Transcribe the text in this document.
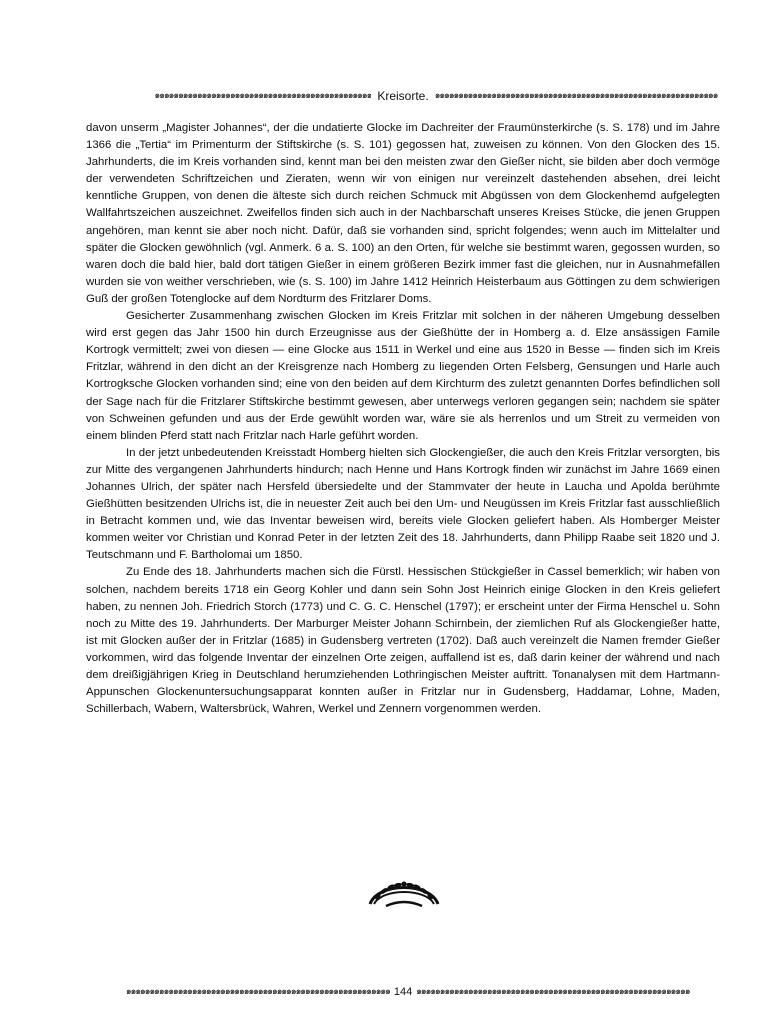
๑๑๑๑๑๑๑๑๑๑๑๑๑๑๑๑๑๑๑๑๑๑๑๑๑๑๑๑๑๑๑๑๑๑๑๑๑๑๑๑๑๑๑๑๑๑ Kreisorte. ๑๑๑๑๑๑๑๑๑๑๑๑๑๑๑๑๑๑๑๑๑๑๑๑๑๑๑๑๑๑๑๑๑๑๑๑๑๑๑๑๑๑๑๑๑๑๑๑๑๑๑๑๑๑๑๑๑๑๑๑

davon unserm „Magister Johannes“, der die undatierte Glocke im Dachreiter der Fraumünsterkirche (s. S. 178) und im Jahre 1366 die „Tertia“ im Primenturm der Stiftskirche (s. S. 101) gegossen hat, zuweisen zu können. Von den Glocken des 15. Jahrhunderts, die im Kreis vorhanden sind, kennt man bei den meisten zwar den Gießer nicht, sie bilden aber doch vermöge der verwendeten Schriftzeichen und Zieraten, wenn wir von einigen nur vereinzelt dastehenden absehen, drei leicht kenntliche Gruppen, von denen die älteste sich durch reichen Schmuck mit Abgüssen von dem Glockenhemd aufgelegten Wallfahrtszeichen auszeichnet. Zweifellos finden sich auch in der Nachbarschaft unseres Kreises Stücke, die jenen Gruppen angehören, man kennt sie aber noch nicht. Dafür, daß sie vorhanden sind, spricht folgendes; wenn auch im Mittelalter und später die Glocken gewöhnlich (vgl. Anmerk. 6 a. S. 100) an den Orten, für welche sie bestimmt waren, gegossen wurden, so waren doch die bald hier, bald dort tätigen Gießer in einem größeren Bezirk immer fast die gleichen, nur in Ausnahmefällen wurden sie von weither verschrieben, wie (s. S. 100) im Jahre 1412 Heinrich Heisterbaum aus Göttingen zu dem schwierigen Guß der großen Totenglocke auf dem Nordturm des Fritzlarer Doms.

Gesicherter Zusammenhang zwischen Glocken im Kreis Fritzlar mit solchen in der näheren Umgebung desselben wird erst gegen das Jahr 1500 hin durch Erzeugnisse aus der Gießhütte der in Homberg a. d. Elze ansässigen Famile Kortrogk vermittelt; zwei von diesen — eine Glocke aus 1511 in Werkel und eine aus 1520 in Besse — finden sich im Kreis Fritzlar, während in den dicht an der Kreisgrenze nach Homberg zu liegenden Orten Felsberg, Gensungen und Harle auch Kortrogksche Glocken vorhanden sind; eine von den beiden auf dem Kirchturm des zuletzt genannten Dorfes befindlichen soll der Sage nach für die Fritzlarer Stiftskirche bestimmt gewesen, aber unterwegs verloren gegangen sein; nachdem sie später von Schweinen gefunden und aus der Erde gewühlt worden war, wäre sie als herrenlos und um Streit zu vermeiden von einem blinden Pferd statt nach Fritzlar nach Harle geführt worden.

In der jetzt unbedeutenden Kreisstadt Homberg hielten sich Glockengießer, die auch den Kreis Fritzlar versorgten, bis zur Mitte des vergangenen Jahrhunderts hindurch; nach Henne und Hans Kortrogk finden wir zunächst im Jahre 1669 einen Johannes Ulrich, der später nach Hersfeld übersiedelte und der Stammvater der heute in Laucha und Apolda berühmte Gießhütten besitzenden Ulrichs ist, die in neuester Zeit auch bei den Um- und Neugüssen im Kreis Fritzlar fast ausschließlich in Betracht kommen und, wie das Inventar beweisen wird, bereits viele Glocken geliefert haben. Als Homberger Meister kommen weiter vor Christian und Konrad Peter in der letzten Zeit des 18. Jahrhunderts, dann Philipp Raabe seit 1820 und J. Teutschmann und F. Bartholomai um 1850.

Zu Ende des 18. Jahrhunderts machen sich die Fürstl. Hessischen Stückgießer in Cassel bemerklich; wir haben von solchen, nachdem bereits 1718 ein Georg Kohler und dann sein Sohn Jost Heinrich einige Glocken in den Kreis geliefert haben, zu nennen Joh. Friedrich Storch (1773) und C. G. C. Henschel (1797); er erscheint unter der Firma Henschel u. Sohn noch zu Mitte des 19. Jahrhunderts. Der Marburger Meister Johann Schirnbein, der ziemlichen Ruf als Glockengießer hatte, ist mit Glocken außer der in Fritzlar (1685) in Gudensberg vertreten (1702). Daß auch vereinzelt die Namen fremder Gießer vorkommen, wird das folgende Inventar der einzelnen Orte zeigen, auffallend ist es, daß darin keiner der während und nach dem dreißigjährigen Krieg in Deutschland herumziehenden Lothringischen Meister auftritt. Tonanalysen mit dem Hartmann-Appunschen Glockenuntersuchungsapparat konnten außer in Fritzlar nur in Gudensberg, Haddamar, Lohne, Maden, Schillerbach, Wabern, Waltersbrück, Wahren, Werkel und Zennern vorgenommen werden.

๑๑๑๑๑๑๑๑๑๑๑๑๑๑๑๑๑๑๑๑๑๑๑๑๑๑๑๑๑๑๑๑๑๑๑๑๑๑๑๑๑๑๑๑๑๑๑๑๑๑๑๑๑๑๑๑ 144 ๑๑๑๑๑๑๑๑๑๑๑๑๑๑๑๑๑๑๑๑๑๑๑๑๑๑๑๑๑๑๑๑๑๑๑๑๑๑๑๑๑๑๑๑๑๑๑๑๑๑๑๑๑๑๑๑๑๑
